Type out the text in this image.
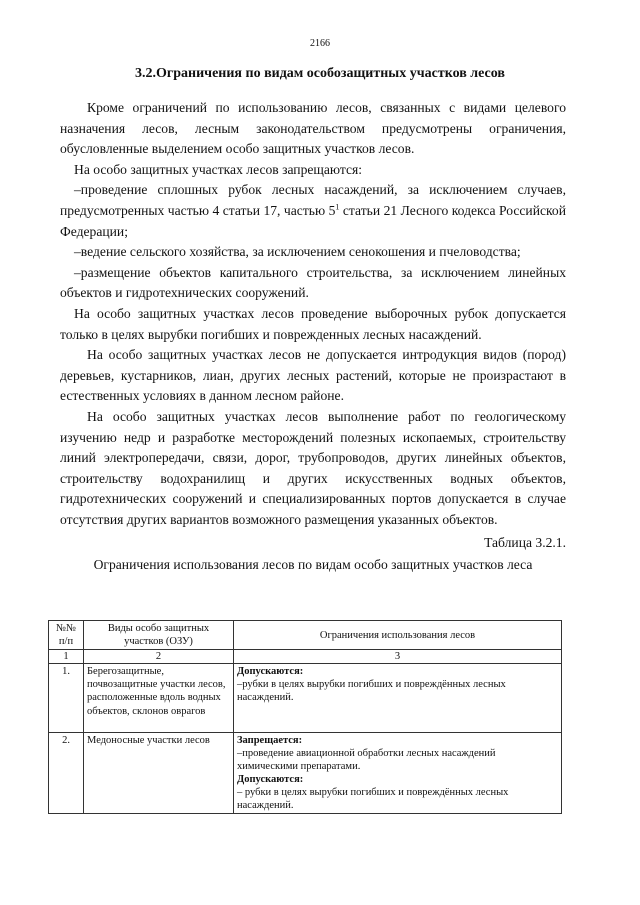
2166
3.2.Ограничения по видам особозащитных участков лесов

Кроме ограничений по использованию лесов, связанных с видами целевого назначения лесов, лесным законодательством предусмотрены ограничения, обусловленные выделением особо защитных участков лесов.

На особо защитных участках лесов запрещаются:

–проведение сплошных рубок лесных насаждений, за исключением случаев, предусмотренных частью 4 статьи 17, частью $5^1$ статьи 21 Лесного кодекса Российской Федерации;

–ведение сельского хозяйства, за исключением сенокошения и пчеловодства;

–размещение объектов капитального строительства, за исключением линейных объектов и гидротехнических сооружений.

На особо защитных участках лесов проведение выборочных рубок допускается только в целях вырубки погибших и поврежденных лесных насаждений.

На особо защитных участках лесов не допускается интродукция видов (пород) деревьев, кустарников, лиан, других лесных растений, которые не произрастают в естественных условиях в данном лесном районе.

На особо защитных участках лесов выполнение работ по геологическому изучению недр и разработке месторождений полезных ископаемых, строительству линий электропередачи, связи, дорог, трубопроводов, других линейных объектов, строительству водохранилищ и других искусственных водных объектов, гидротехнических сооружений и специализированных портов допускается в случае отсутствия других вариантов возможного размещения указанных объектов.

Таблица 3.2.1.

Ограничения использования лесов по видам особо защитных участков леса

№№ п/п	Виды особо защитных участков (ОЗУ)	Ограничения использования лесов
1	2	3
1.	Берегозащитные, почвозащитные участки лесов, расположенные вдоль водных объектов, склонов оврагов	Допускаются:
–рубки в целях вырубки погибших и повреждённых лесных насаждений.

2.	Медоносные участки лесов	Запрещается:
–проведение авиационной обработки лесных насаждений химическими препаратами.
Допускаются:
– рубки в целях вырубки погибших и повреждённых лесных насаждений.
